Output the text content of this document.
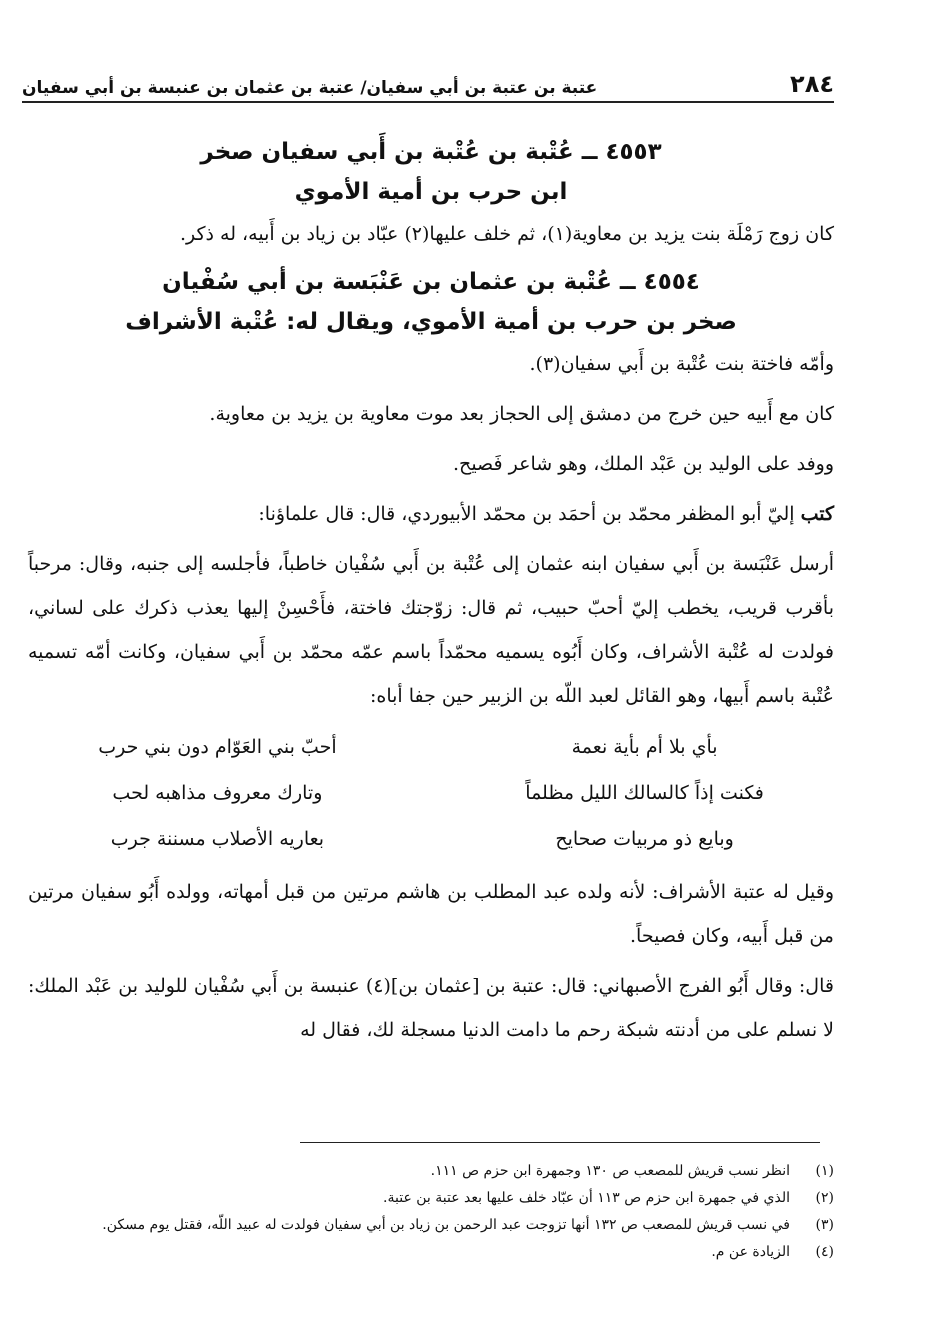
٢٨٤
عتبة بن عتبة بن أبي سفيان/ عتبة بن عثمان بن عنبسة بن أبي سفيان
٤٥٥٣ ــ عُتْبة بن عُتْبة بن أَبي سفيان صخر
ابن حرب بن أمية الأموي

كان زوج رَمْلَة بنت يزيد بن معاوية(١)، ثم خلف عليها(٢) عبّاد بن زياد بن أَبيه، له ذكر.

٤٥٥٤ ــ عُتْبة بن عثمان بن عَنْبَسة بن أبي سُفْيان
صخر بن حرب بن أمية الأموي، ويقال له: عُتْبة الأشراف

وأمّه فاختة بنت عُتْبة بن أَبي سفيان(٣).

كان مع أَبيه حين خرج من دمشق إلى الحجاز بعد موت معاوية بن يزيد بن معاوية.

ووفد على الوليد بن عَبْد الملك، وهو شاعر فَصيح.

كتب إليّ أبو المظفر محمّد بن أحمَد بن محمّد الأبيوردي، قال: قال علماؤنا:

أرسل عَنْبَسة بن أَبي سفيان ابنه عثمان إلى عُتْبة بن أَبي سُفْيان خاطباً، فأجلسه إلى جنبه، وقال: مرحباً بأقرب قريب، يخطب إليّ أحبّ حبيب، ثم قال: زوّجتك فاختة، فأَحْسِنْ إليها يعذب ذكرك على لساني، فولدت له عُتْبة الأشراف، وكان أَبُوه يسميه محمّداً باسم عمّه محمّد بن أَبي سفيان، وكانت أمّه تسميه عُتْبة باسم أَبيها، وهو القائل لعبد اللّه بن الزبير حين جفا أباه:

بأي بلا أم بأية نعمة
أحبّ بني العَوّام دون بني حرب
فكنت إذاً كالسالك الليل مظلماً
وتارك معروف مذاهبه لحب
وبايع ذو مربيات صحايح
بعاريه الأصلاب مسننة جرب

وقيل له عتبة الأشراف: لأنه ولده عبد المطلب بن هاشم مرتين من قبل أمهاته، وولده أَبُو سفيان مرتين من قبل أَبيه، وكان فصيحاً.

قال: وقال أَبُو الفرج الأصبهاني: قال: عتبة بن [عثمان بن](٤) عنبسة بن أَبي سُفْيان للوليد بن عَبْد الملك: لا نسلم على من أدنته شبكة رحم ما دامت الدنيا مسجلة لك، فقال له

(١)
انظر نسب قريش للمصعب ص ١٣٠ وجمهرة ابن حزم ص ١١١.
(٢)
الذي في جمهرة ابن حزم ص ١١٣ أن عبّاد خلف عليها بعد عتبة بن عتبة.
(٣)
في نسب قريش للمصعب ص ١٣٢ أنها تزوجت عبد الرحمن بن زياد بن أبي سفيان فولدت له عبيد اللّه، فقتل يوم مسكن.
(٤)
الزيادة عن م.
